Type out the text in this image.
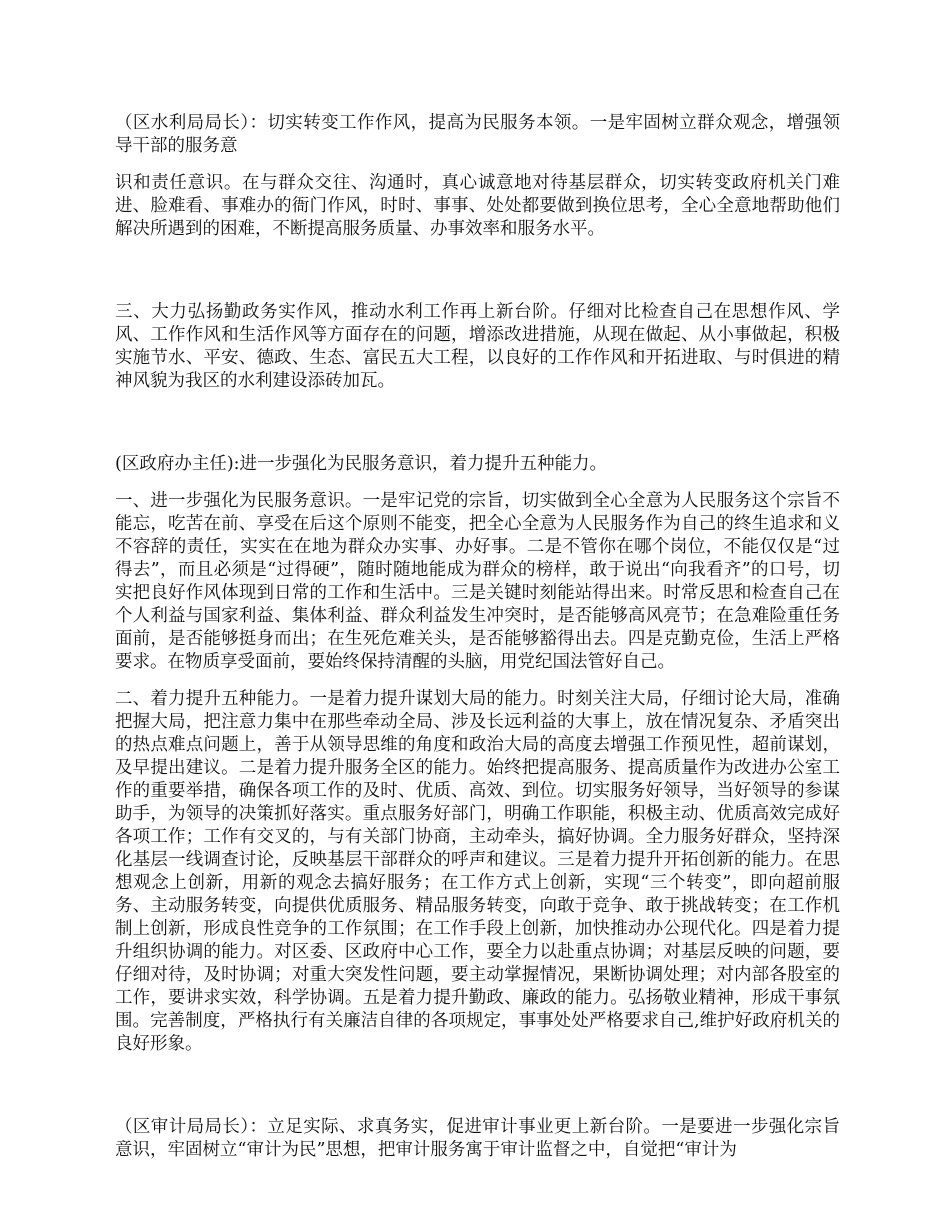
（区水利局局长）：切实转变工作作风，提高为民服务本领。一是牢固树立群众观念，增强领导干部的服务意

识和责任意识。在与群众交往、沟通时，真心诚意地对待基层群众，切实转变政府机关门难进、脸难看、事难办的衙门作风，时时、事事、处处都要做到换位思考，全心全意地帮助他们解决所遇到的困难，不断提高服务质量、办事效率和服务水平。

三、大力弘扬勤政务实作风，推动水利工作再上新台阶。仔细对比检查自己在思想作风、学风、工作作风和生活作风等方面存在的问题，增添改进措施，从现在做起、从小事做起，积极实施节水、平安、德政、生态、富民五大工程，以良好的工作作风和开拓进取、与时俱进的精神风貌为我区的水利建设添砖加瓦。

(区政府办主任):进一步强化为民服务意识，着力提升五种能力。

一、进一步强化为民服务意识。一是牢记党的宗旨，切实做到全心全意为人民服务这个宗旨不能忘，吃苦在前、享受在后这个原则不能变，把全心全意为人民服务作为自己的终生追求和义不容辞的责任，实实在在地为群众办实事、办好事。二是不管你在哪个岗位，不能仅仅是“过得去”，而且必须是“过得硬”，随时随地能成为群众的榜样，敢于说出“向我看齐”的口号，切实把良好作风体现到日常的工作和生活中。三是关键时刻能站得出来。时常反思和检查自己在个人利益与国家利益、集体利益、群众利益发生冲突时，是否能够高风亮节；在急难险重任务面前，是否能够挺身而出；在生死危难关头，是否能够豁得出去。四是克勤克俭，生活上严格要求。在物质享受面前，要始终保持清醒的头脑，用党纪国法管好自己。

二、着力提升五种能力。一是着力提升谋划大局的能力。时刻关注大局，仔细讨论大局，准确把握大局，把注意力集中在那些牵动全局、涉及长远利益的大事上，放在情况复杂、矛盾突出的热点难点问题上，善于从领导思维的角度和政治大局的高度去增强工作预见性，超前谋划，及早提出建议。二是着力提升服务全区的能力。始终把提高服务、提高质量作为改进办公室工作的重要举措，确保各项工作的及时、优质、高效、到位。切实服务好领导，当好领导的参谋助手，为领导的决策抓好落实。重点服务好部门，明确工作职能，积极主动、优质高效完成好各项工作；工作有交叉的，与有关部门协商，主动牵头，搞好协调。全力服务好群众，坚持深化基层一线调查讨论，反映基层干部群众的呼声和建议。三是着力提升开拓创新的能力。在思想观念上创新，用新的观念去搞好服务；在工作方式上创新，实现“三个转变”，即向超前服务、主动服务转变，向提供优质服务、精品服务转变，向敢于竞争、敢于挑战转变；在工作机制上创新，形成良性竞争的工作氛围；在工作手段上创新，加快推动办公现代化。四是着力提升组织协调的能力。对区委、区政府中心工作，要全力以赴重点协调；对基层反映的问题，要仔细对待，及时协调；对重大突发性问题，要主动掌握情况，果断协调处理；对内部各股室的工作，要讲求实效，科学协调。五是着力提升勤政、廉政的能力。弘扬敬业精神，形成干事氛围。完善制度，严格执行有关廉洁自律的各项规定，事事处处严格要求自己,维护好政府机关的良好形象。

（区审计局局长）：立足实际、求真务实，促进审计事业更上新台阶。一是要进一步强化宗旨意识，牢固树立“审计为民”思想，把审计服务寓于审计监督之中，自觉把“审计为
